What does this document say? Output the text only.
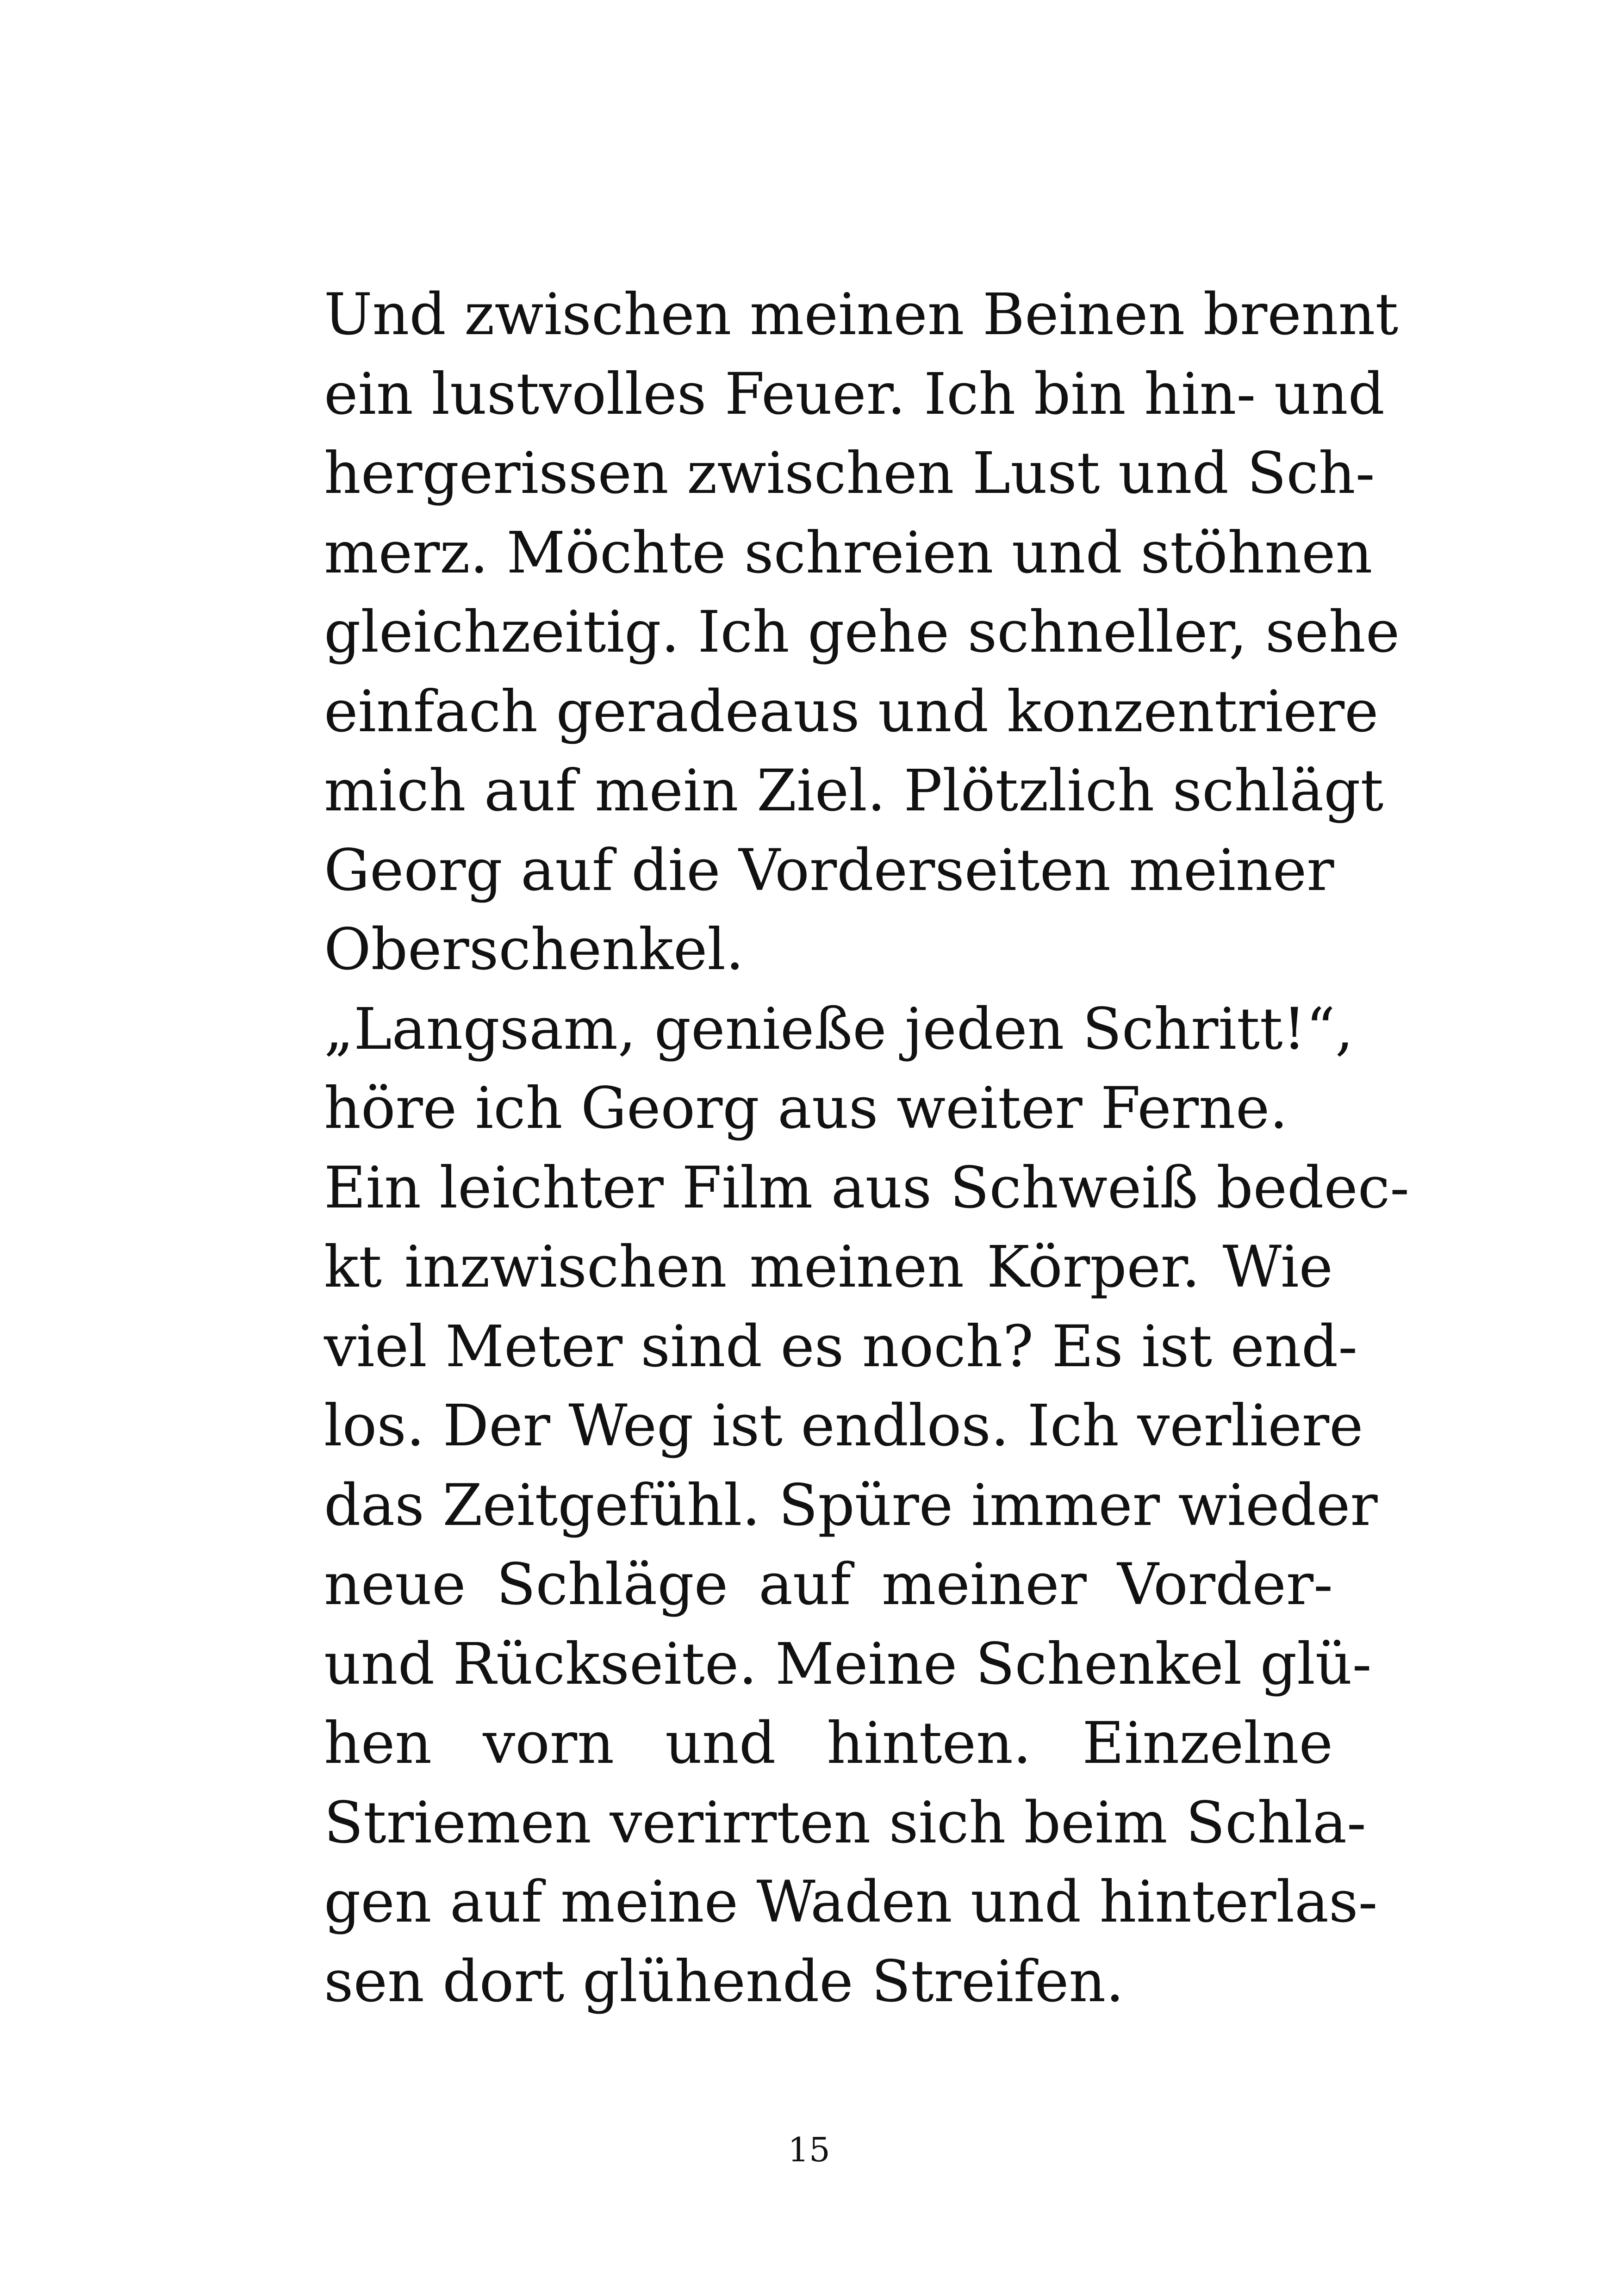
Und zwischen meinen Beinen brennt
ein lustvolles Feuer. Ich bin hin- und
hergerissen zwischen Lust und Sch-
merz. Möchte schreien und stöhnen
gleichzeitig. Ich gehe schneller, sehe
einfach geradeaus und konzentriere
mich auf mein Ziel. Plötzlich schlägt
Georg auf die Vorderseiten meiner
Oberschenkel.
„Langsam, genieße jeden Schritt!“,
höre ich Georg aus weiter Ferne.
Ein leichter Film aus Schweiß bedec-
kt inzwischen meinen Körper. Wie
viel Meter sind es noch? Es ist end-
los. Der Weg ist endlos. Ich verliere
das Zeitgefühl. Spüre immer wieder
neue Schläge auf meiner Vorder-
und Rückseite. Meine Schenkel glü-
hen vorn und hinten. Einzelne
Striemen verirrten sich beim Schla-
gen auf meine Waden und hinterlas-
sen dort glühende Streifen.
15
